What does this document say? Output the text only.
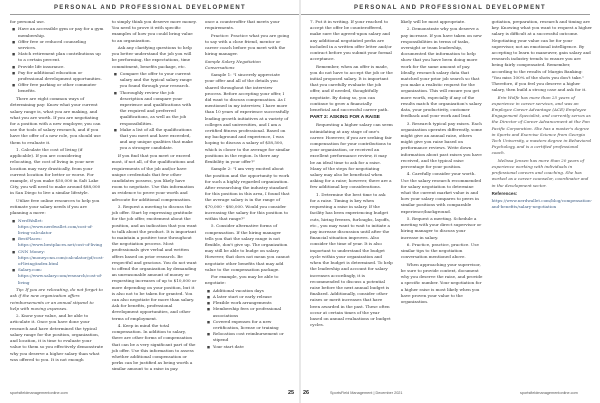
PERSONAL AND PROFESSIONAL DEVELOPMENT	PERSONAL AND PROFESSIONAL DEVELOPMENT

for personal use.

■ Have an accessible gym or pay for a gym membership.
■ Offer free or reduced counseling services.
■ Match retirement plan contributions up to a certain percent.
■ Provide life insurance.
■ Pay for additional education or professional development opportunities.
■ Offer free parking or other commuter benefits.

There are eight common ways of determining pay: Know what your current salary range is, what you are making, and what you are worth. If you are negotiating for a position with a new employer, you can use the tools of salary research, and if you have the offer of a new role, you should use them to evaluate it.

1. Calculate the cost of living (if applicable). If you are considering relocating, the cost of living in your new location may vary drastically, from your current location for better or worse. For example, if you make $50,000 in Salt Lake City, you will need to make around $88,000 in San Diego to live a similar lifestyle.

Utilize free online resources to help you estimate your salary needs if you are planning a move:

■ NerdWallet: https://www.nerdwallet.com/cost-of-living-calculator
■ BestPlaces: https://www.bestplaces.net/cost-of-living
■ CNN Money: https://money.cnn.com/calculator/pf/cost-of-living/index.html
■ Salary.com: https://www.salary.com/research/cost-of-living

Tip: If you are relocating, do not forget to ask if the new organization offers reimbursements or an annual stipend to help with moving expenses.

2. Know your value, and be able to articulate it. Once you have done your research and have determined the typical salary range for the position, organization, and location, it is time to evaluate your value to them so you effectively demonstrate why you deserve a higher salary than what was offered to you. It is not enough

to simply think you deserve more money. You need to prove it with specific examples of how you could bring value to an organization.

Ask any clarifying questions to help you better understand the job you will be performing, the expectations, time commitment, benefits package, etc.

■ Compare the offer to your current salary and the typical salary range you found through your research.
■ Thoroughly review the job description and compare your experience and qualifications with the required and preferred qualifications, as well as the job responsibilities.
■ Make a list of all the qualifications that you meet and have exceeded, and any unique qualities that make you a stronger candidate.

If you find that you meet or exceed most, if not all, of the qualifications and requirements of the job and/or have unique credentials that few other candidates possess, you likely have room to negotiate. Use this information as evidence to prove your worth and advocate for additional compensation.

3. Request a meeting to discuss the job offer. Start by expressing gratitude for the job offer, excitement about the position, and an indication that you want to talk about the product. It is important to maintain a positive tone throughout the negotiation process. Most professionals give verbal and written offers based on prior research. Be respectful and gracious. You do not want to offend the organization by demanding an unreasonable amount of money or requesting increases of up to $10,000 or more depending on your position, but it is also not to be taken for granted. You can also negotiate for more than salary. Ask for benefits, professional development opportunities, and other terms of employment.

4. Keep in mind the total compensation. In addition to salary, there are other forms of compensation that can be a very significant part of the job offer. Use this information to assess whether additional compensation or perks can be justified as being worth a similar amount to a raise in pay.

once a counteroffer that meets your requirements.

Practice: Practice what you are going to say with a close friend, mentor or career coach before you meet with the hiring manager.

Sample Salary Negotiation Conversations

Sample 1: "I sincerely appreciate your offer and all of the details you shared throughout the interview process. Before accepting your offer, I did want to discuss compensation. As I mentioned in my interview, I have more than 10 years of experience successfully leading growth initiatives at a variety of colleges and universities, and I am a certified fitness professional. Based on my background and experience, I was hoping to discuss a salary of $58,500, which is closer to the average for similar positions in the region. Is there any flexibility in your offer?"

Sample 2: "I am very excited about the position and the opportunity to work for such a highly regarded organization. After researching the industry standard for this position in this area, I found that the average salary is in the range of $70,000 - $80,000. Would you consider increasing the salary for this position to within that range?"

5. Consider alternative forms of compensation. If the hiring manager tells you that the salary range is not flexible, don't give up. The organization may still be able to budge on salary. However, that does not mean you cannot negotiate other benefits that may add value to the compensation package.

For example, you may be able to negotiate:

■ Additional vacation days
■ A later start or early release
■ Flexible work arrangements
■ Membership fees or professional associations
■ Covered expenses for a new certification, license or training
■ Relocation cost reimbursement or stipend
■ Your start date

7. Put it in writing. If your reached to accept the offer be counteroffered, make sure the agreed-upon salary and any additional negotiated perks are included in a written offer letter and/or contract before you submit your formal acceptance.

Remember, when an offer is made, you do not have to accept the job or the initial proposed salary. It is important that you carefully evaluate the job offer, and if needed, thoughtfully negotiate. By doing so, you can continue to grow a financially beneficial and successful career path.

PART 2: ASKING FOR A RAISE

Requesting a higher salary can seem intimidating at any stage of one's career. However, if you are seeking fair compensation for your contributions to your organization, or received an excellent performance review, it may be an ideal time to ask for a raise. Many of the steps for negotiating salary may also be beneficial when asking for a raise; however, there are a few additional key considerations.

1. Determine the best time to ask for a raise. Timing is key when requesting a raise in salary. If the facility has been experiencing budget cuts, hiring freezes, furloughs, layoffs, etc., you may want to wait to initiate a pay increase discussion until after the financial situation improves. Also consider the time of year. It is also important to understand the budget cycle within your organization and when the budget is determined. To help the leadership and account for salary increases accordingly, it is recommended to discuss a potential raise before the next annual budget is finalized. Additionally, consider other raises or merit increases that have been awarded in the past. These often occur at certain times of the year based on annual evaluations or budget cycles.

likely will be most appropriate.

2. Demonstrate why you deserve a pay increase. If you have taken on new responsibilities in terms of tasks, oversight or team leadership, documented the information to help show that you have been doing more work for the same amount of pay. Ideally, research salary data that matched your prior job search so that you make a realistic request for the organization. This will ensure you get more worth, especially if any of the results match the organization's salary data, your productivity, customer feedback and your work and lead.

3. Research typical pay raises. Each organization operates differently, some might give an annual raise, others might give you raise based on performance reviews. Write down information about past raises you have received, and the typical raise percentage for your position.

4. Carefully consider your worth. Use the salary research recommended for salary negotiation to determine what the current market value is and how your salary compares to peers in similar positions with comparable experience/background.

5. Request a meeting. Schedule a meeting with your direct supervisor or hiring manager to discuss your increase in salary.

6. Practice, practice, practice. Use similar tips to the negotiation conversation mentioned above.

When approaching your supervisor, be sure to provide context, document why you deserve the raise, and provide a specific number. Your negotiation for a higher raise is most likely when you have proven your value to the organization.

gotiation, preparation, research and timing are key. Knowing what you want to request a higher salary is difficult at a successful outcome. Negotiating your value can be for your supervisor, not an emotional intelligence. By accepting to learn to maneuver, gain salary and research industry trends to ensure you are being fairly compensated. Remember, according to the results of Margin Banking: "You miss 100% of the shots you don't take." Therefore, if you feel you deserve a higher salary, then build a strong case and ask for it.

Erin Wolfe has more than 25 years of experience in career services, and was an Employee Career Advantage (ACE) Employee Engagement Specialist, and currently serves as the Director of Career Advancement at the Pan Pacific Corporation. She has a master's degree in Sports and Exercise Science from Georgia Tech University, a masters degree in Behavioral Psychology, and is a certified professional coach.

Melissa Jensen has more than 20 years of experience working with individuals in professional careers and coaching. She has worked as a career counselor, coordinator and in the development sector.

References:

https://www.nerdwallet.com/blog/compensation-and-benefits/salary-negotiation

sportsfieldmanagementonline.com	25	SportsField Management | December 2021
26	sportsfieldmanagementonline.com
